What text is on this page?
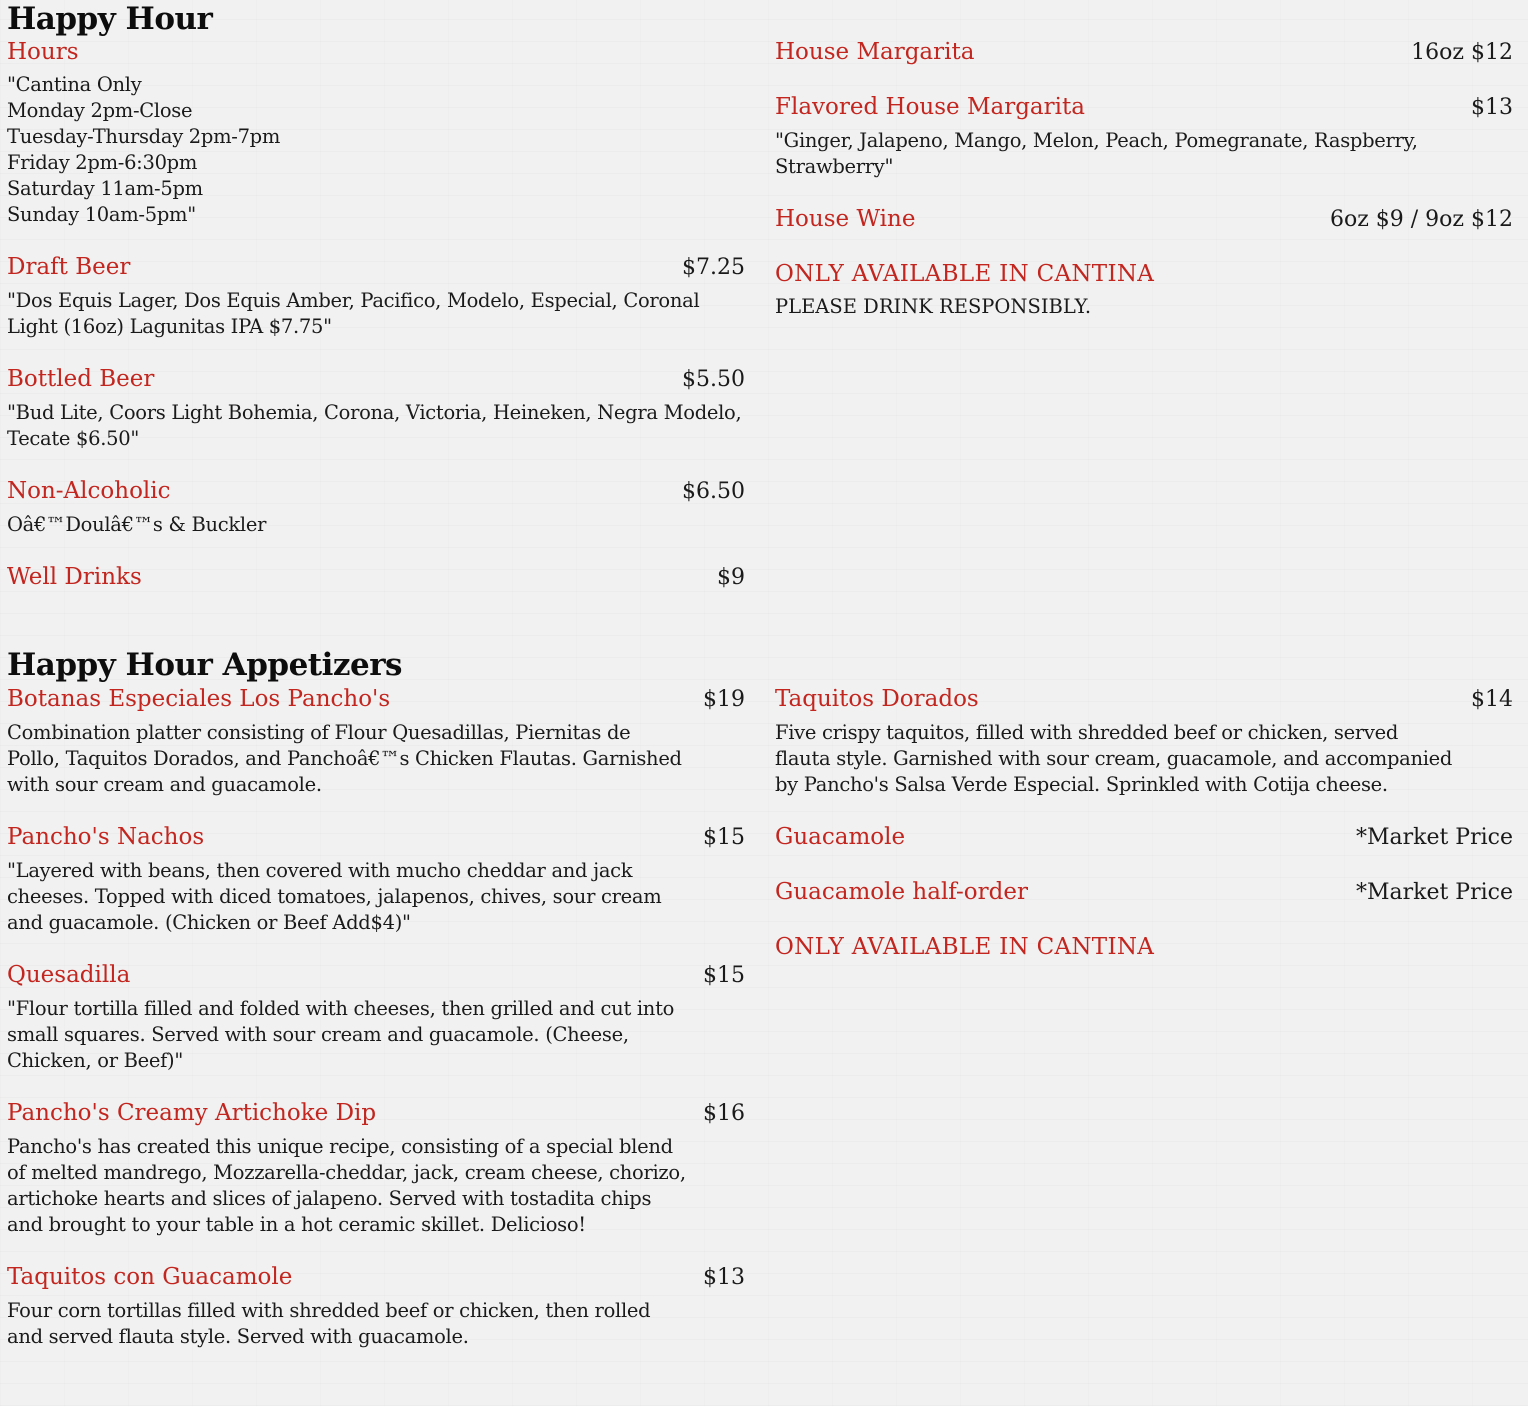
Happy Hour
Hours
"Cantina Only
Monday 2pm-Close
Tuesday-Thursday 2pm-7pm
Friday 2pm-6:30pm
Saturday 11am-5pm
Sunday 10am-5pm"
Draft Beer	$7.25
"Dos Equis Lager, Dos Equis Amber, Pacifico, Modelo, Especial, Coronal Light (16oz) Lagunitas IPA $7.75"
Bottled Beer	$5.50
"Bud Lite, Coors Light Bohemia, Corona, Victoria, Heineken, Negra Modelo, Tecate $6.50"
Non-Alcoholic	$6.50
Oâ€™Doulâ€™s & Buckler
Well Drinks	$9
House Margarita	16oz $12
Flavored House Margarita	$13
"Ginger, Jalapeno, Mango, Melon, Peach, Pomegranate, Raspberry, Strawberry"
House Wine	6oz $9 / 9oz $12
ONLY AVAILABLE IN CANTINA
PLEASE DRINK RESPONSIBLY.
Happy Hour Appetizers
Botanas Especiales Los Pancho's	$19
Combination platter consisting of Flour Quesadillas, Piernitas de Pollo, Taquitos Dorados, and Panchoâ€™s Chicken Flautas. Garnished with sour cream and guacamole.
Pancho's Nachos	$15
"Layered with beans, then covered with mucho cheddar and jack cheeses. Topped with diced tomatoes, jalapenos, chives, sour cream and guacamole. (Chicken or Beef Add$4)"
Quesadilla	$15
"Flour tortilla filled and folded with cheeses, then grilled and cut into small squares. Served with sour cream and guacamole. (Cheese, Chicken, or Beef)"
Pancho's Creamy Artichoke Dip	$16
Pancho's has created this unique recipe, consisting of a special blend of melted mandrego, Mozzarella-cheddar, jack, cream cheese, chorizo, artichoke hearts and slices of jalapeno. Served with tostadita chips and brought to your table in a hot ceramic skillet. Delicioso!
Taquitos con Guacamole	$13
Four corn tortillas filled with shredded beef or chicken, then rolled and served flauta style. Served with guacamole.
Taquitos Dorados	$14
Five crispy taquitos, filled with shredded beef or chicken, served flauta style. Garnished with sour cream, guacamole, and accompanied by Pancho's Salsa Verde Especial. Sprinkled with Cotija cheese.
Guacamole	*Market Price
Guacamole half-order	*Market Price
ONLY AVAILABLE IN CANTINA
